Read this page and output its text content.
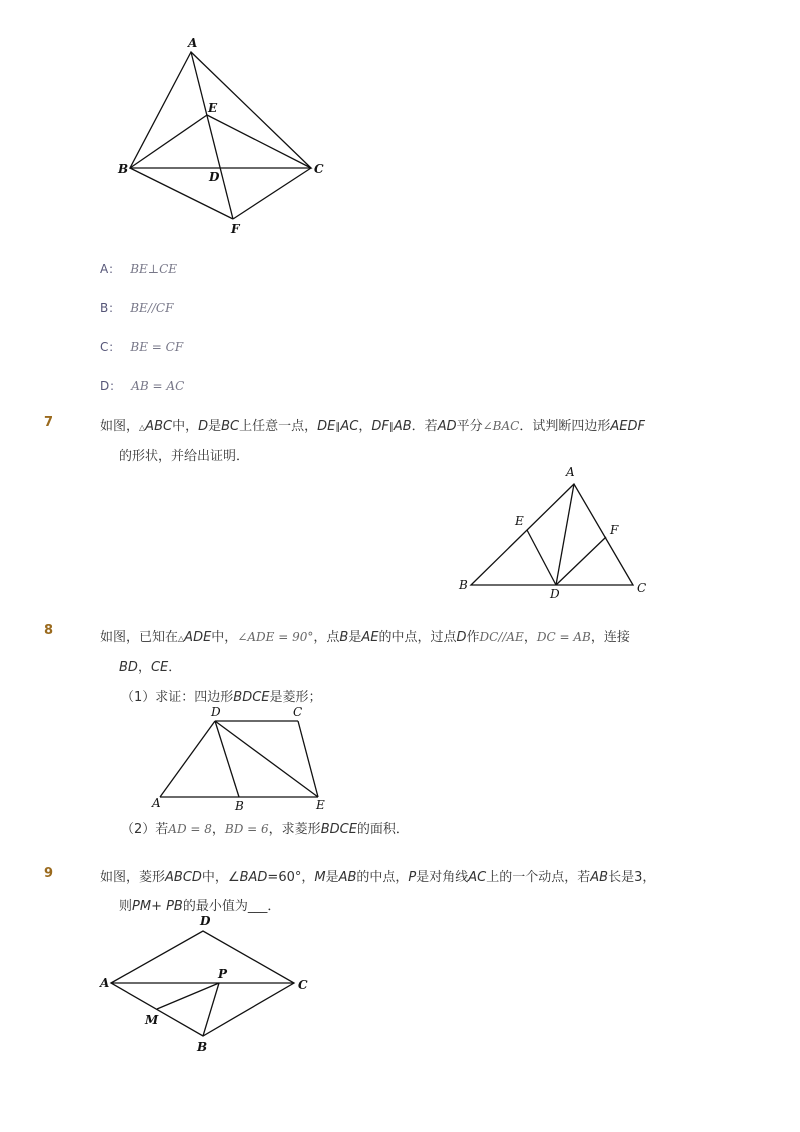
A
E
B
D
C
F
A： BE⊥CE
B： BE//CF
C： BE = CF
D： AB = AC
7	如图，△ABC中，D是BC上任意一点，DE∥AC，DF∥AB．若AD平分∠BAC．试判断四边形AEDF
的形状，并给出证明．
A
E
F
B
D	C
8	如图，已知在△ADE中，∠ADE = 90°，点B是AE的中点，过点D作DC//AE，DC = AB，连接
BD，CE．
（1）求证：四边形BDCE是菱形；
D	C
A	B	E
（2）若AD = 8，BD = 6，求菱形BDCE的面积．
9	如图，菱形ABCD中，∠BAD=60°，M是AB的中点，P是对角线AC上的一个动点，若AB长是3，
则PM+ PB的最小值为___．
D
A
P
C
M
B
